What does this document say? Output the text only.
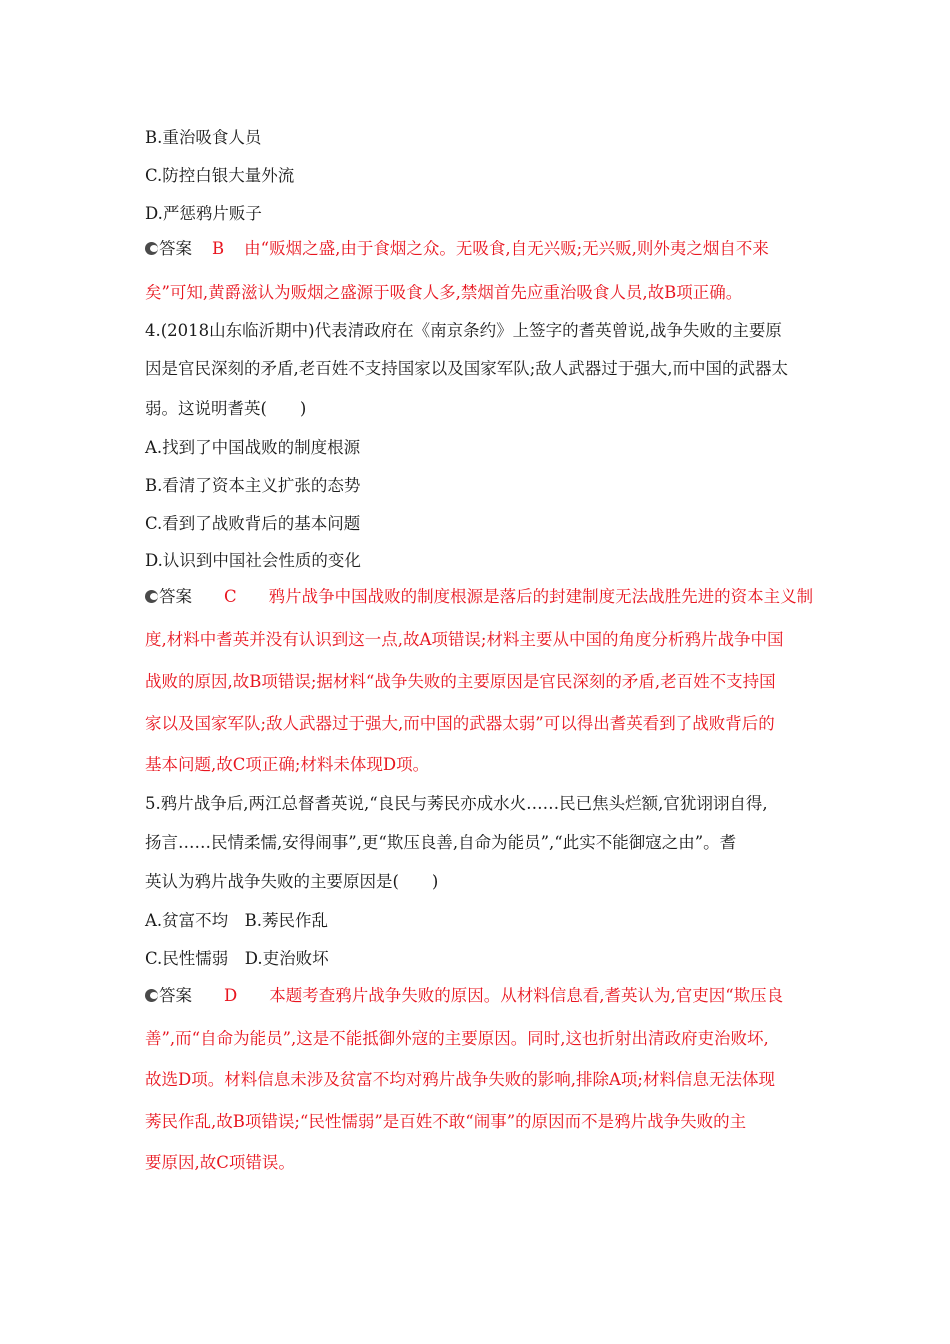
B.重治吸食人员
C.防控白银大量外流
D.严惩鸦片贩子
答案 B 由“贩烟之盛,由于食烟之众。无吸食,自无兴贩;无兴贩,则外夷之烟自不来
矣”可知,黄爵滋认为贩烟之盛源于吸食人多,禁烟首先应重治吸食人员,故B项正确。
4.(2018山东临沂期中)代表清政府在《南京条约》上签字的耆英曾说,战争失败的主要原
因是官民深刻的矛盾,老百姓不支持国家以及国家军队;敌人武器过于强大,而中国的武器太
弱。这说明耆英(　　)
A.找到了中国战败的制度根源
B.看清了资本主义扩张的态势
C.看到了战败背后的基本问题
D.认识到中国社会性质的变化
答案 C 鸦片战争中国战败的制度根源是落后的封建制度无法战胜先进的资本主义制
度,材料中耆英并没有认识到这一点,故A项错误;材料主要从中国的角度分析鸦片战争中国
战败的原因,故B项错误;据材料“战争失败的主要原因是官民深刻的矛盾,老百姓不支持国
家以及国家军队;敌人武器过于强大,而中国的武器太弱”可以得出耆英看到了战败背后的
基本问题,故C项正确;材料未体现D项。
5.鸦片战争后,两江总督耆英说,“良民与莠民亦成水火……民已焦头烂额,官犹诩诩自得,
扬言……民情柔懦,安得闹事”,更“欺压良善,自命为能员”,“此实不能御寇之由”。耆
英认为鸦片战争失败的主要原因是(　　)
A.贫富不均　B.莠民作乱
C.民性懦弱　D.吏治败坏
答案 D 本题考查鸦片战争失败的原因。从材料信息看,耆英认为,官吏因“欺压良
善”,而“自命为能员”,这是不能抵御外寇的主要原因。同时,这也折射出清政府吏治败坏,
故选D项。材料信息未涉及贫富不均对鸦片战争失败的影响,排除A项;材料信息无法体现
莠民作乱,故B项错误;“民性懦弱”是百姓不敢“闹事”的原因而不是鸦片战争失败的主
要原因,故C项错误。
